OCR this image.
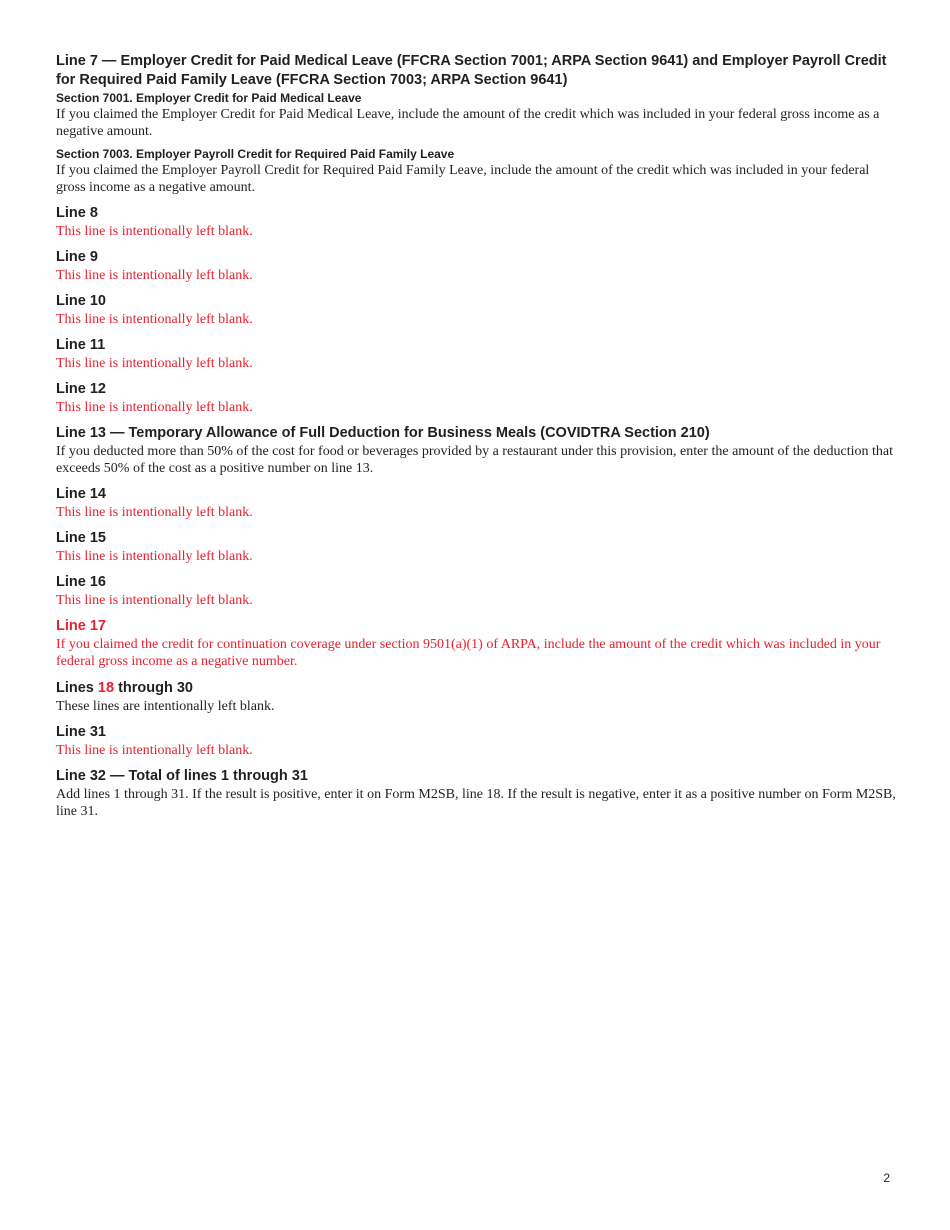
Line 7 — Employer Credit for Paid Medical Leave (FFCRA Section 7001; ARPA Section 9641) and Employer Payroll Credit for Required Paid Family Leave (FFCRA Section 7003; ARPA Section 9641)

Section 7001. Employer Credit for Paid Medical Leave

If you claimed the Employer Credit for Paid Medical Leave, include the amount of the credit which was included in your federal gross income as a negative amount.

Section 7003. Employer Payroll Credit for Required Paid Family Leave

If you claimed the Employer Payroll Credit for Required Paid Family Leave, include the amount of the credit which was included in your federal gross income as a negative amount.

Line 8

This line is intentionally left blank.

Line 9

This line is intentionally left blank.

Line 10

This line is intentionally left blank.

Line 11

This line is intentionally left blank.

Line 12

This line is intentionally left blank.

Line 13 — Temporary Allowance of Full Deduction for Business Meals (COVIDTRA Section 210)

If you deducted more than 50% of the cost for food or beverages provided by a restaurant under this provision, enter the amount of the deduction that exceeds 50% of the cost as a positive number on line 13.

Line 14

This line is intentionally left blank.

Line 15

This line is intentionally left blank.

Line 16

This line is intentionally left blank.

Line 17

If you claimed the credit for continuation coverage under section 9501(a)(1) of ARPA, include the amount of the credit which was included in your federal gross income as a negative number.

Lines 18 through 30

These lines are intentionally left blank.

Line 31

This line is intentionally left blank.

Line 32 — Total of lines 1 through 31

Add lines 1 through 31. If the result is positive, enter it on Form M2SB, line 18. If the result is negative, enter it as a positive number on Form M2SB, line 31.

2
